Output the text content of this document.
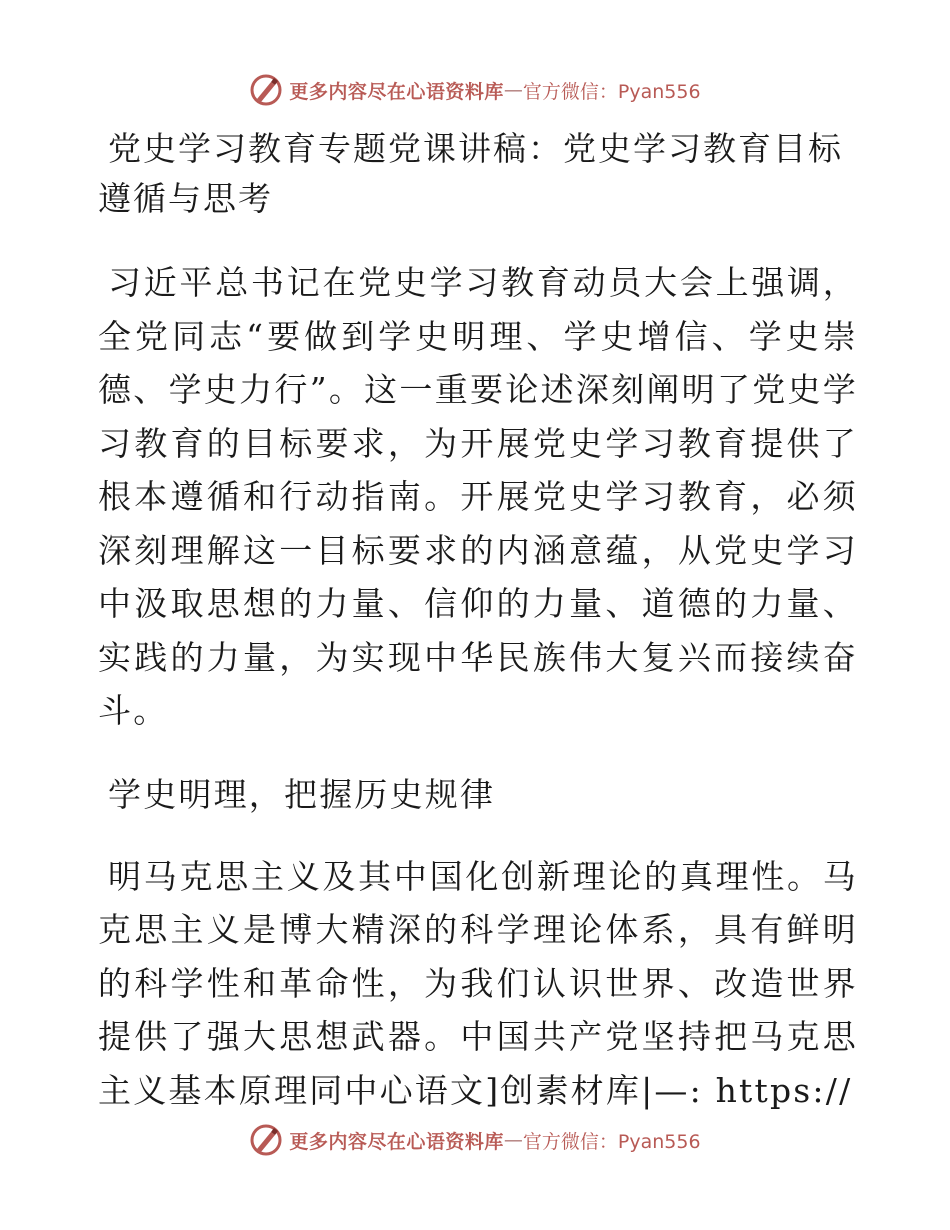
更多内容尽在心语资料库 — 官方微信：Pyan556
党史学习教育专题党课讲稿：党史学习教育目标遵循与思考

习近平总书记在党史学习教育动员大会上强调，全党同志“要做到学史明理、学史增信、学史崇德、学史力行”。这一重要论述深刻阐明了党史学习教育的目标要求，为开展党史学习教育提供了根本遵循和行动指南。开展党史学习教育，必须深刻理解这一目标要求的内涵意蕴，从党史学习中汲取思想的力量、信仰的力量、道德的力量、实践的力量，为实现中华民族伟大复兴而接续奋斗。

学史明理，把握历史规律

明马克思主义及其中国化创新理论的真理性。马克思主义是博大精深的科学理论体系，具有鲜明的科学性和革命性，为我们认识世界、改造世界提供了强大思想武器。中国共产党坚持把马克思主义基本原理同中心语文]创素材库|—: https://

更多内容尽在心语资料库 — 官方微信：Pyan556
